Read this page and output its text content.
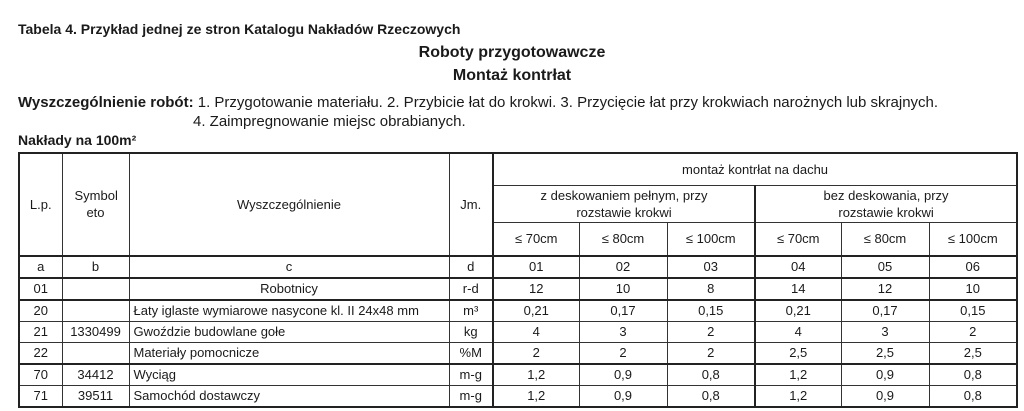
Tabela 4. Przykład jednej ze stron Katalogu Nakładów Rzeczowych
Roboty przygotowawcze
Montaż kontrłat
Wyszczególnienie robót: 1. Przygotowanie materiału. 2. Przybicie łat do krokwi. 3. Przycięcie łat przy krokwiach narożnych lub skrajnych.
4. Zaimpregnowanie miejsc obrabianych.
Nakłady na 100m²
L.p.	Symbol eto	Wyszczególnienie	Jm.	montaż kontrłat na dachu					
				z deskowaniem pełnym, przy rozstawie krokwi			bez deskowania, przy rozstawie krokwi		
				≤ 70cm	≤ 80cm	≤ 100cm	≤ 70cm	≤ 80cm	≤ 100cm
a	b	c	d	01	02	03	04	05	06
01		Robotnicy	r-d	12	10	8	14	12	10
20		Łaty iglaste wymiarowe nasycone kl. II 24x48 mm	m³	0,21	0,17	0,15	0,21	0,17	0,15
21	1330499	Gwoździe budowlane gołe	kg	4	3	2	4	3	2
22		Materiały pomocnicze	%M	2	2	2	2,5	2,5	2,5
70	34412	Wyciąg	m-g	1,2	0,9	0,8	1,2	0,9	0,8
71	39511	Samochód dostawczy	m-g	1,2	0,9	0,8	1,2	0,9	0,8
